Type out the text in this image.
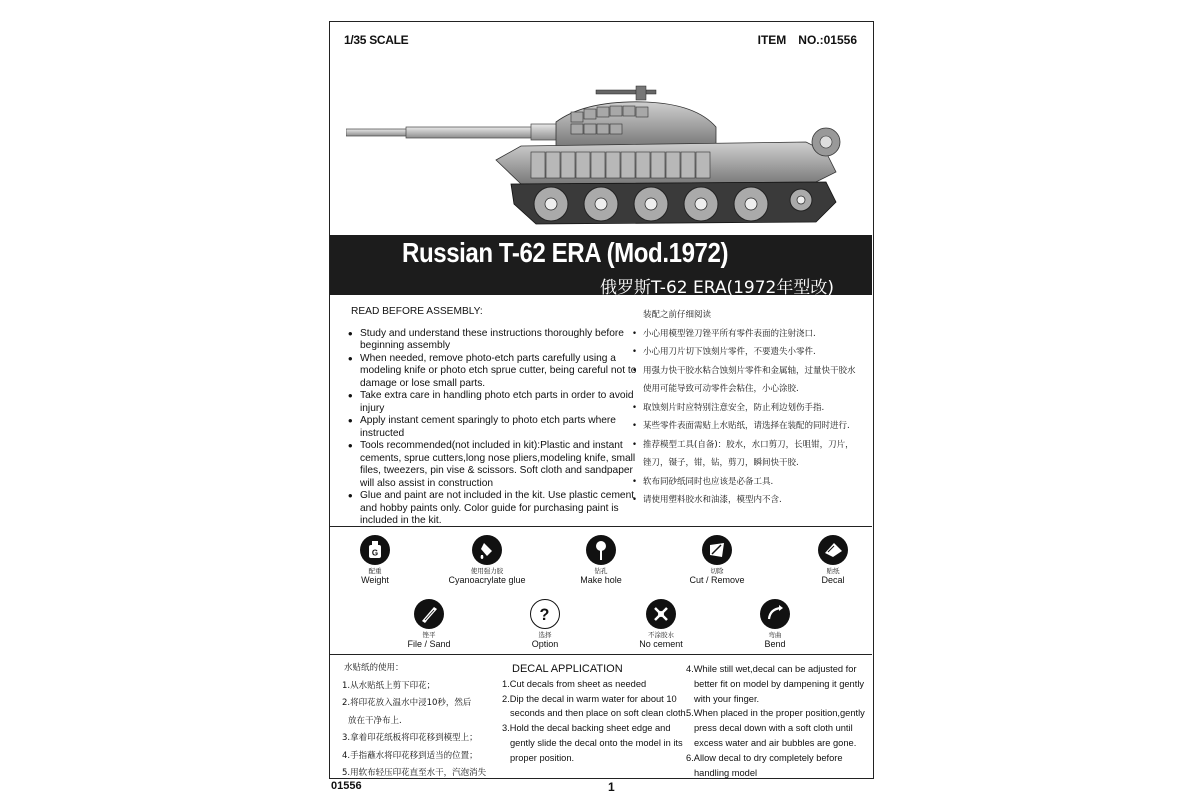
1/35 SCALE	ITEM NO.:01556
Russian T-62 ERA (Mod.1972)
俄罗斯T-62 ERA(1972年型改)
READ BEFORE ASSEMBLY:
• Study and understand these instructions thoroughly before beginning assembly
• When needed, remove photo-etch parts carefully using a modeling knife or photo etch sprue cutter, being careful not to damage or lose small parts.
• Take extra care in handling photo etch parts in order to avoid injury
• Apply instant cement sparingly to photo etch parts where instructed
• Tools recommended(not included in kit):Plastic and instant cements, sprue cutters,long nose pliers,modeling knife, small files, tweezers, pin vise & scissors. Soft cloth and sandpaper will also assist in construction
• Glue and paint are not included in the kit. Use plastic cement and hobby paints only. Color guide for purchasing paint is included in the kit.
装配之前仔细阅读
• 小心用模型锉刀锉平所有零件表面的注射浇口.
• 小心用刀片切下蚀刻片零件，不要遗失小零件.
• 用强力快干胶水粘合蚀刻片零件和金属轴，过量快干胶水
使用可能导致可动零件会粘住，小心涂胶.
• 取蚀刻片时应特别注意安全，防止利边划伤手指.
• 某些零件表面需贴上水贴纸，请选择在装配的同时进行.
• 推荐模型工具(自备)：胶水，水口剪刀，长咀钳，刀片，
锉刀，镊子，钳，钻，剪刀，瞬间快干胶.
• 软布同砂纸同时也应该是必备工具.
• 请使用塑料胶水和油漆，模型内不含.
G
配重
Weight
使用强力胶
Cyanoacrylate glue
钻孔
Make hole
切除
Cut / Remove
贴纸
Decal
锉平
File / Sand
?
选择
Option
不涂胶水
No cement
弯曲
Bend
水贴纸的使用：
1.从水贴纸上剪下印花；
2.将印花放入温水中浸10秒，然后
放在干净布上.
3.拿着印花纸板将印花移到模型上；
4.手指蘸水将印花移到适当的位置；
5.用软布轻压印花直至水干，汽泡消失
DECAL APPLICATION
1.Cut decals from sheet as needed
2.Dip the decal in warm water for about 10
seconds and then place on soft clean cloth.
3.Hold the decal backing sheet edge and
gently slide the decal onto the model in its
proper position.
4.While still wet,decal can be adjusted for
better fit on model by dampening it gently
with your finger.
5.When placed in the proper position,gently
press decal down with a soft cloth until
excess water and air bubbles are gone.
6.Allow decal to dry completely before
handling model
01556	1
